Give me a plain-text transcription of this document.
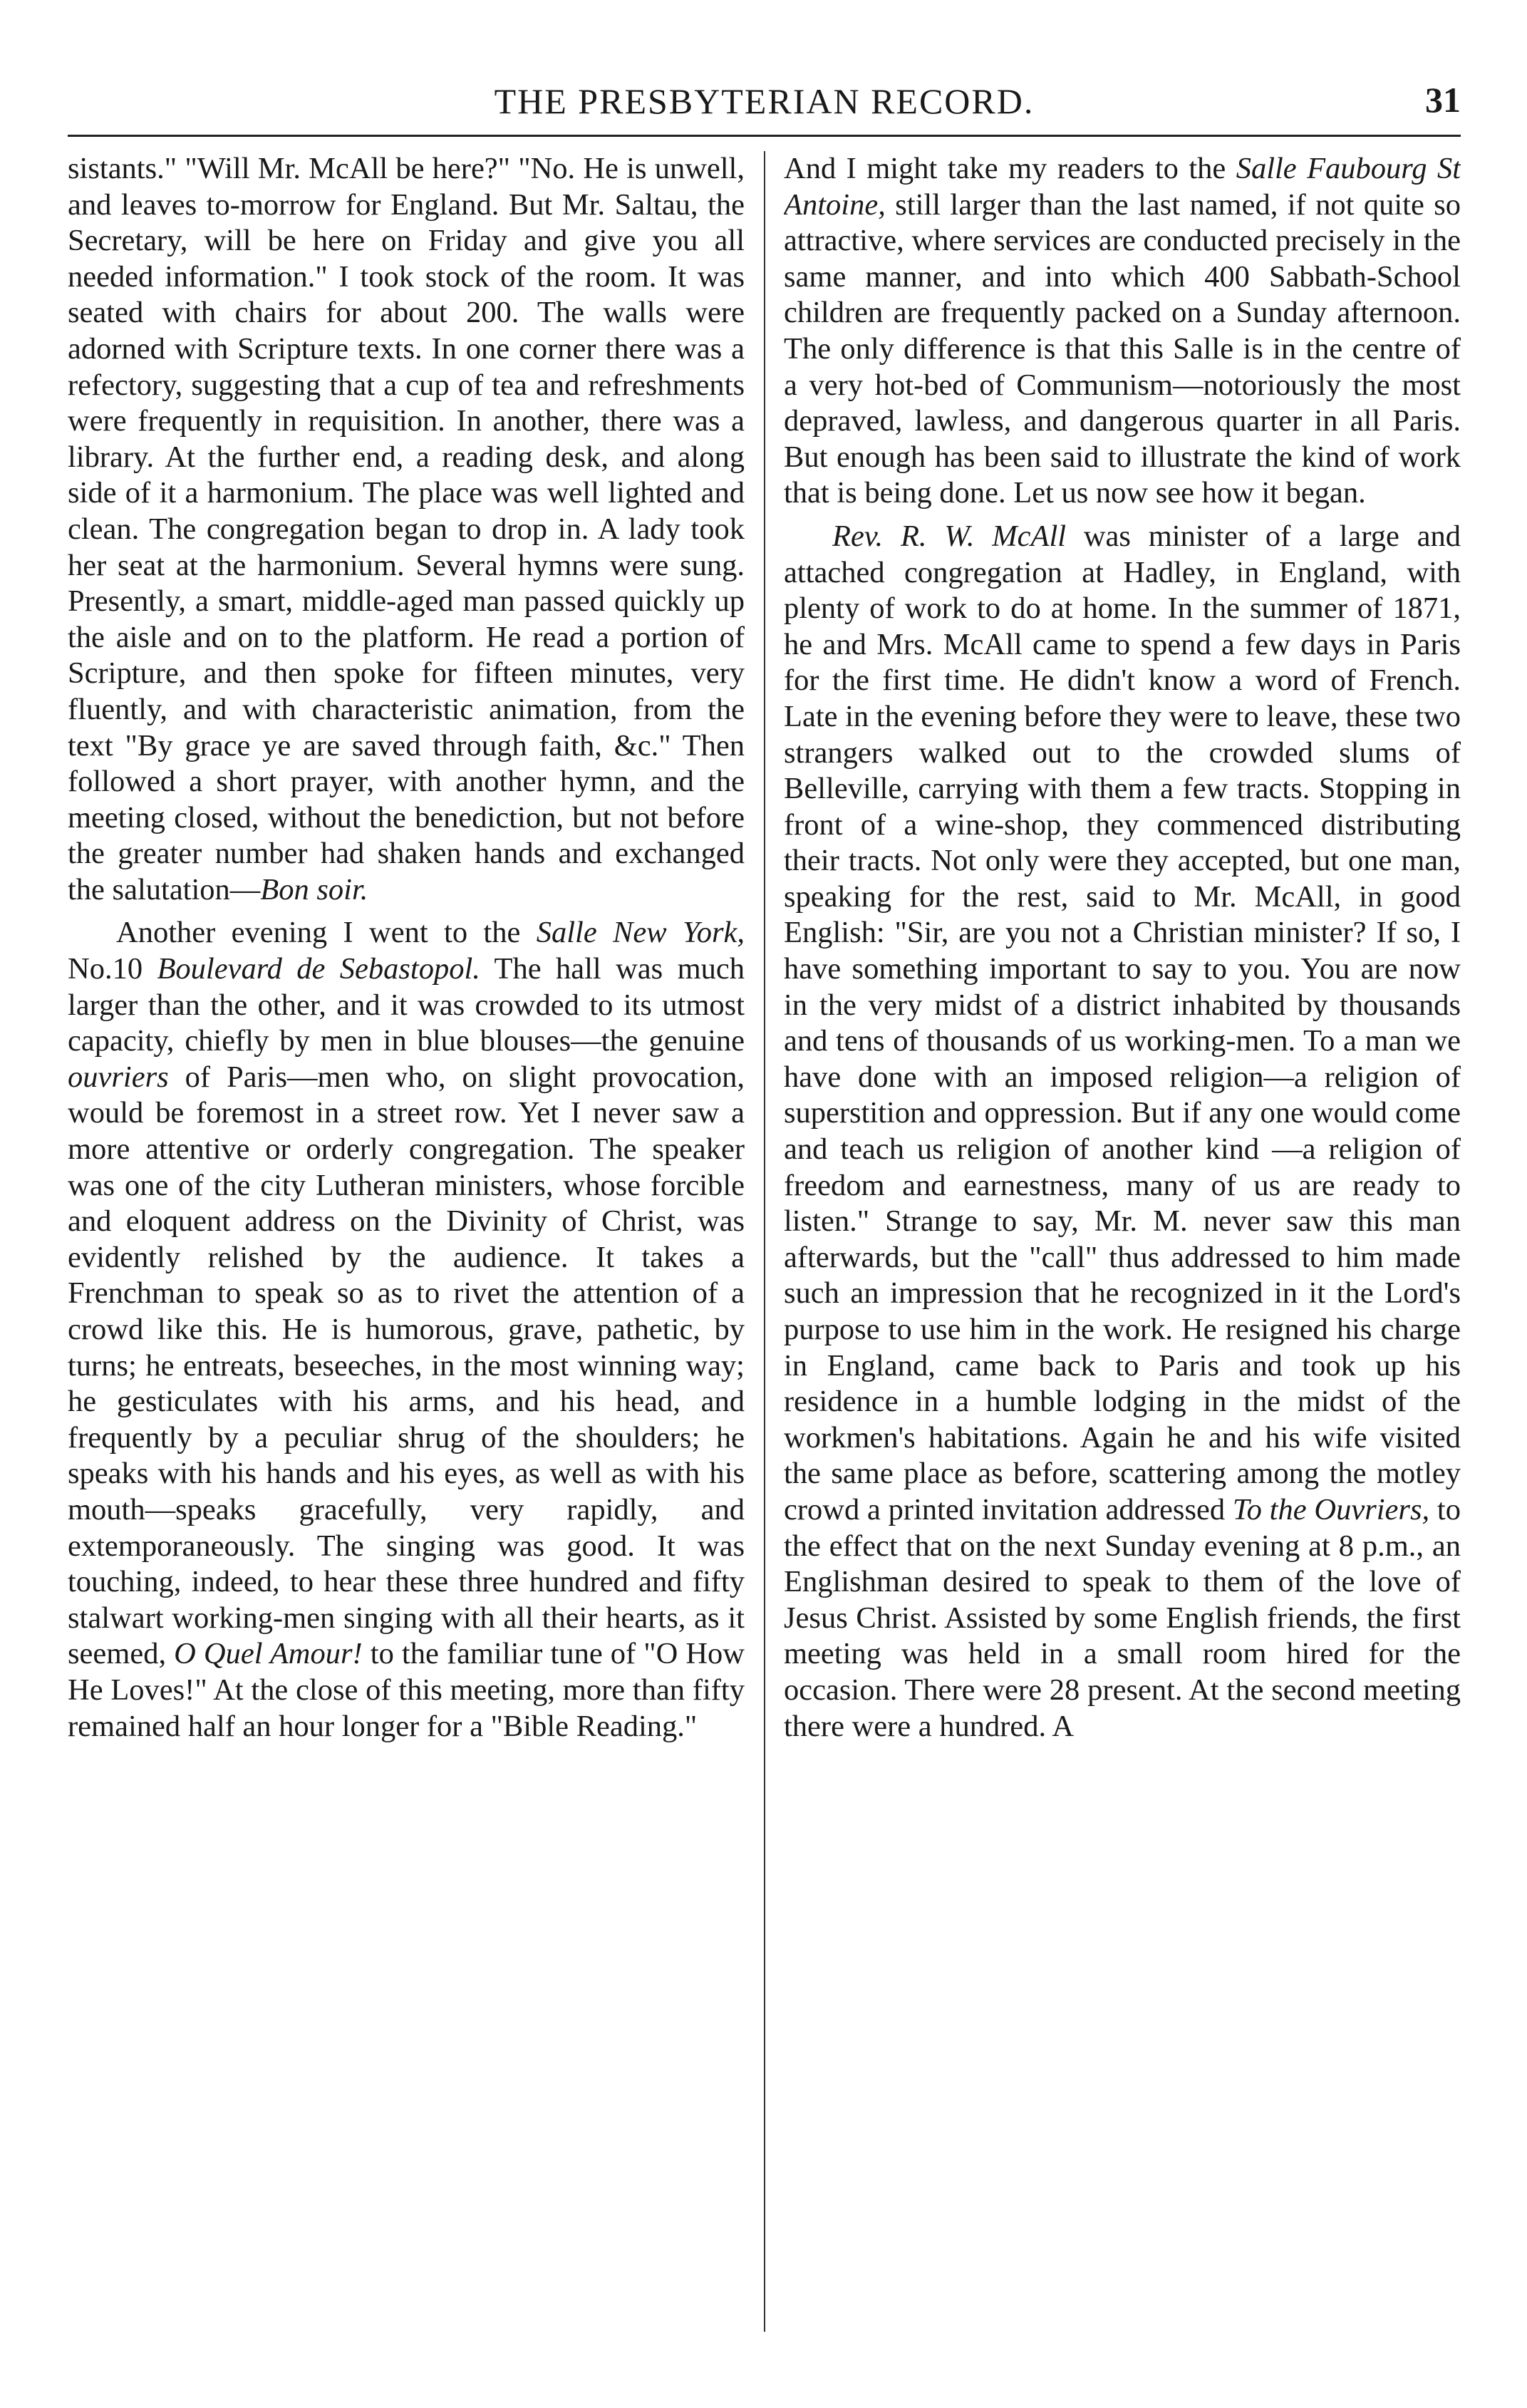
THE PRESBYTERIAN RECORD.	31

sistants." "Will Mr. McAll be here?" "No. He is unwell, and leaves to-morrow for England. But Mr. Saltau, the Secretary, will be here on Friday and give you all needed information." I took stock of the room. It was seated with chairs for about 200. The walls were adorned with Scripture texts. In one corner there was a refectory, suggesting that a cup of tea and refreshments were frequently in requisition. In another, there was a library. At the further end, a reading desk, and along side of it a harmonium. The place was well lighted and clean. The congregation began to drop in. A lady took her seat at the harmonium. Several hymns were sung. Presently, a smart, middle-aged man passed quickly up the aisle and on to the platform. He read a portion of Scripture, and then spoke for fifteen minutes, very fluently, and with characteristic animation, from the text "By grace ye are saved through faith, &c." Then followed a short prayer, with another hymn, and the meeting closed, without the benediction, but not before the greater number had shaken hands and exchanged the salutation—Bon soir.

Another evening I went to the Salle New York, No.10 Boulevard de Sebastopol. The hall was much larger than the other, and it was crowded to its utmost capacity, chiefly by men in blue blouses—the genuine ouvriers of Paris—men who, on slight provocation, would be foremost in a street row. Yet I never saw a more attentive or orderly congregation. The speaker was one of the city Lutheran ministers, whose forcible and eloquent address on the Divinity of Christ, was evidently relished by the audience. It takes a Frenchman to speak so as to rivet the attention of a crowd like this. He is humorous, grave, pathetic, by turns; he entreats, beseeches, in the most winning way; he gesticulates with his arms, and his head, and frequently by a peculiar shrug of the shoulders; he speaks with his hands and his eyes, as well as with his mouth—speaks gracefully, very rapidly, and extemporaneously. The singing was good. It was touching, indeed, to hear these three hundred and fifty stalwart working-men singing with all their hearts, as it seemed, O Quel Amour! to the familiar tune of "O How He Loves!" At the close of this meeting, more than fifty remained half an hour longer for a "Bible Reading."

And I might take my readers to the Salle Faubourg St Antoine, still larger than the last named, if not quite so attractive, where services are conducted precisely in the same manner, and into which 400 Sabbath-School children are frequently packed on a Sunday afternoon. The only difference is that this Salle is in the centre of a very hot-bed of Communism—notoriously the most depraved, lawless, and dangerous quarter in all Paris. But enough has been said to illustrate the kind of work that is being done. Let us now see how it began.

Rev. R. W. McAll was minister of a large and attached congregation at Hadley, in England, with plenty of work to do at home. In the summer of 1871, he and Mrs. McAll came to spend a few days in Paris for the first time. He didn't know a word of French. Late in the evening before they were to leave, these two strangers walked out to the crowded slums of Belleville, carrying with them a few tracts. Stopping in front of a wine-shop, they commenced distributing their tracts. Not only were they accepted, but one man, speaking for the rest, said to Mr. McAll, in good English: "Sir, are you not a Christian minister? If so, I have something important to say to you. You are now in the very midst of a district inhabited by thousands and tens of thousands of us working-men. To a man we have done with an imposed religion—a religion of superstition and oppression. But if any one would come and teach us religion of another kind —a religion of freedom and earnestness, many of us are ready to listen." Strange to say, Mr. M. never saw this man afterwards, but the "call" thus addressed to him made such an impression that he recognized in it the Lord's purpose to use him in the work. He resigned his charge in England, came back to Paris and took up his residence in a humble lodging in the midst of the workmen's habitations. Again he and his wife visited the same place as before, scattering among the motley crowd a printed invitation addressed To the Ouvriers, to the effect that on the next Sunday evening at 8 p.m., an Englishman desired to speak to them of the love of Jesus Christ. Assisted by some English friends, the first meeting was held in a small room hired for the occasion. There were 28 present. At the second meeting there were a hundred. A
